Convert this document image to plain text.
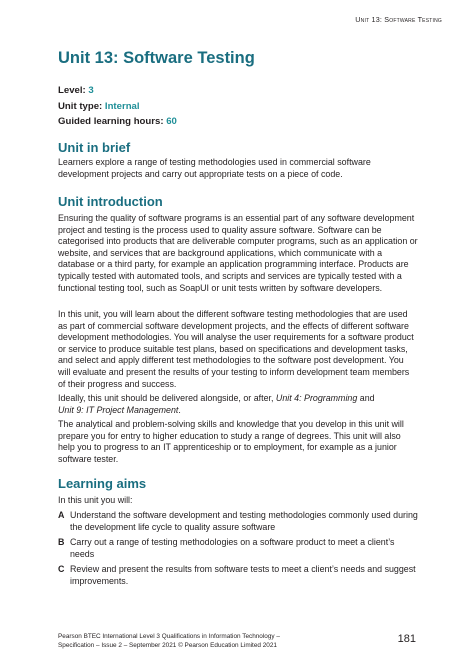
Unit 13: Software Testing
Unit 13: Software Testing
Level: 3
Unit type: Internal
Guided learning hours: 60
Unit in brief

Learners explore a range of testing methodologies used in commercial software development projects and carry out appropriate tests on a piece of code.

Unit introduction

Ensuring the quality of software programs is an essential part of any software development project and testing is the process used to quality assure software. Software can be categorised into products that are deliverable computer programs, such as an application or website, and services that are background applications, which communicate with a database or a third party, for example an application programming interface. Products are typically tested with automated tools, and scripts and services are typically tested with a functional testing tool, such as SoapUI or unit tests written by software developers.

In this unit, you will learn about the different software testing methodologies that are used as part of commercial software development projects, and the effects of different software development methodologies. You will analyse the user requirements for a software product or service to produce suitable test plans, based on specifications and development tasks, and select and apply different test methodologies to the software post development. You will evaluate and present the results of your testing to inform development team members of their progress and success.

Ideally, this unit should be delivered alongside, or after, Unit 4: Programming and
Unit 9: IT Project Management.

The analytical and problem-solving skills and knowledge that you develop in this unit will prepare you for entry to higher education to study a range of degrees. This unit will also help you to progress to an IT apprenticeship or to employment, for example as a junior software tester.

Learning aims

In this unit you will:

A Understand the software development and testing methodologies commonly used during the development life cycle to quality assure software
B Carry out a range of testing methodologies on a software product to meet a client’s needs
C Review and present the results from software tests to meet a client’s needs and suggest improvements.
Pearson BTEC International Level 3 Qualifications in Information Technology –
Specification – Issue 2 – September 2021 © Pearson Education Limited 2021
181
